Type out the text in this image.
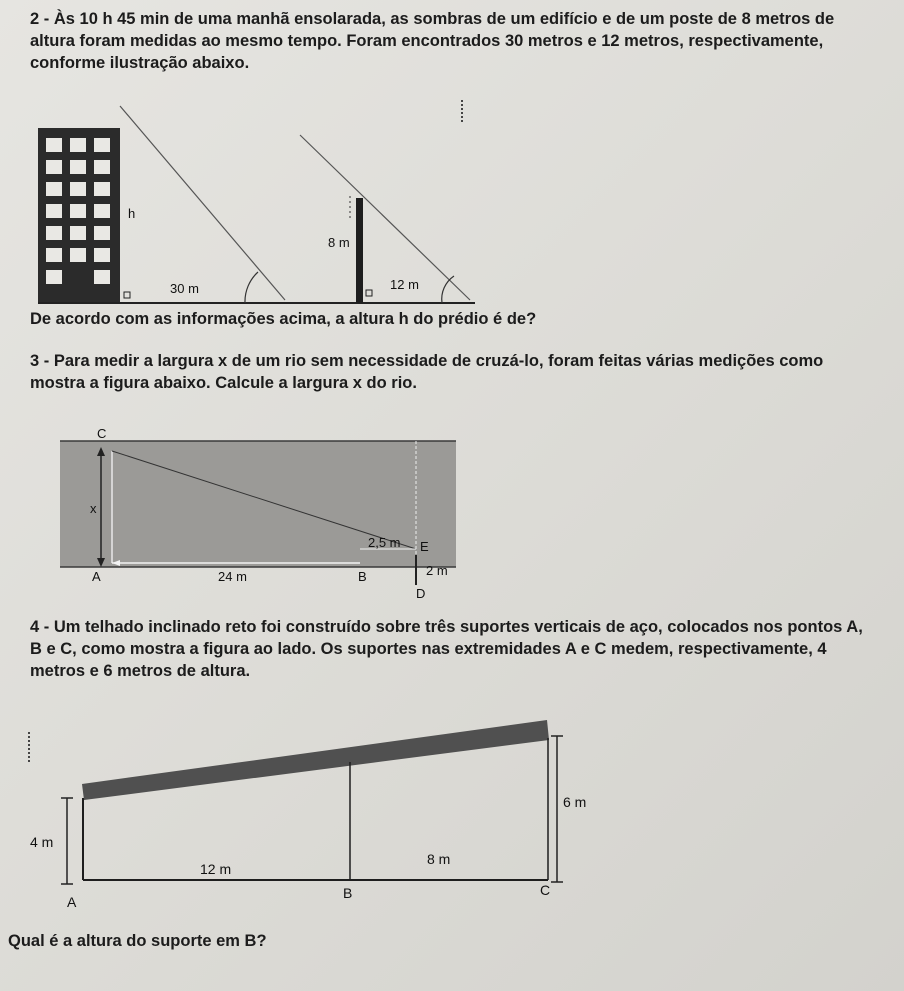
2 - Às 10 h 45 min de uma manhã ensolarada, as sombras de um edifício e de um poste de 8 metros de altura foram medidas ao mesmo tempo. Foram encontrados 30 metros e 12 metros, respectivamente, conforme ilustração abaixo.
h
8 m
30 m	12 m
De acordo com as informações acima, a altura h do prédio é de?
3 - Para medir a largura x de um rio sem necessidade de cruzá-lo, foram feitas várias medições como mostra a figura abaixo. Calcule a largura x do rio.
C
x
A	24 m	B
2,5 m E
2 m
D
4 - Um telhado inclinado reto foi construído sobre três suportes verticais de aço, colocados nos pontos A, B e C, como mostra a figura ao lado. Os suportes nas extremidades A e C medem, respectivamente, 4 metros e 6 metros de altura.
4 m
6 m
12 m
8 m
A
B	C
Qual é a altura do suporte em B?
